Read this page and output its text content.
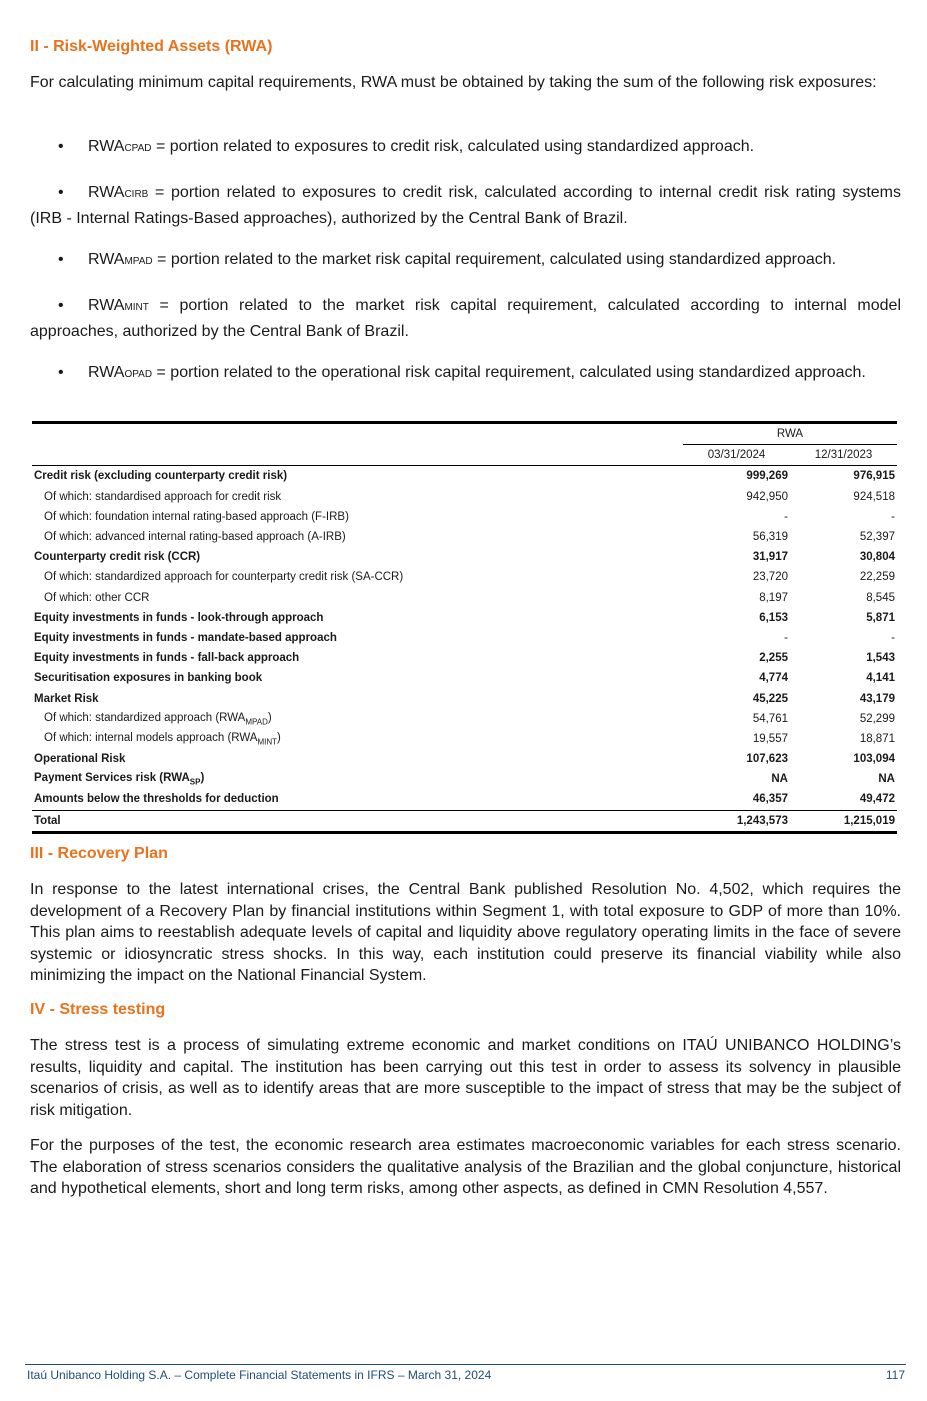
II - Risk-Weighted Assets (RWA)

For calculating minimum capital requirements, RWA must be obtained by taking the sum of the following risk exposures:

• RWACPAD = portion related to exposures to credit risk, calculated using standardized approach.
• RWACIRB = portion related to exposures to credit risk, calculated according to internal credit risk rating systems (IRB - Internal Ratings-Based approaches), authorized by the Central Bank of Brazil.
• RWAMPAD = portion related to the market risk capital requirement, calculated using standardized approach.
• RWAMINT = portion related to the market risk capital requirement, calculated according to internal model approaches, authorized by the Central Bank of Brazil.
• RWAOPAD = portion related to the operational risk capital requirement, calculated using standardized approach.
	RWA	
	03/31/2024	12/31/2023
Credit risk (excluding counterparty credit risk)	999,269	976,915
Of which: standardised approach for credit risk	942,950	924,518
Of which: foundation internal rating-based approach (F-IRB)	-	-
Of which: advanced internal rating-based approach (A-IRB)	56,319	52,397
Counterparty credit risk (CCR)	31,917	30,804
Of which: standardized approach for counterparty credit risk (SA-CCR)	23,720	22,259
Of which: other CCR	8,197	8,545
Equity investments in funds - look-through approach	6,153	5,871
Equity investments in funds - mandate-based approach	-	-
Equity investments in funds - fall-back approach	2,255	1,543
Securitisation exposures in banking book	4,774	4,141
Market Risk	45,225	43,179
Of which: standardized approach $(RWA_{MPAD})$	54,761	52,299
Of which: internal models approach $(RWA_{MINT})$	19,557	18,871
Operational Risk	107,623	103,094
Payment Services risk $(RWA_{SP})$	NA	NA
Amounts below the thresholds for deduction	46,357	49,472
Total	1,243,573	1,215,019
III - Recovery Plan

In response to the latest international crises, the Central Bank published Resolution No. 4,502, which requires the development of a Recovery Plan by financial institutions within Segment 1, with total exposure to GDP of more than 10%. This plan aims to reestablish adequate levels of capital and liquidity above regulatory operating limits in the face of severe systemic or idiosyncratic stress shocks. In this way, each institution could preserve its financial viability while also minimizing the impact on the National Financial System.

IV - Stress testing

The stress test is a process of simulating extreme economic and market conditions on ITAÚ UNIBANCO HOLDING’s results, liquidity and capital. The institution has been carrying out this test in order to assess its solvency in plausible scenarios of crisis, as well as to identify areas that are more susceptible to the impact of stress that may be the subject of risk mitigation.

For the purposes of the test, the economic research area estimates macroeconomic variables for each stress scenario. The elaboration of stress scenarios considers the qualitative analysis of the Brazilian and the global conjuncture, historical and hypothetical elements, short and long term risks, among other aspects, as defined in CMN Resolution 4,557.

Itaú Unibanco Holding S.A. – Complete Financial Statements in IFRS – March 31, 2024	117
